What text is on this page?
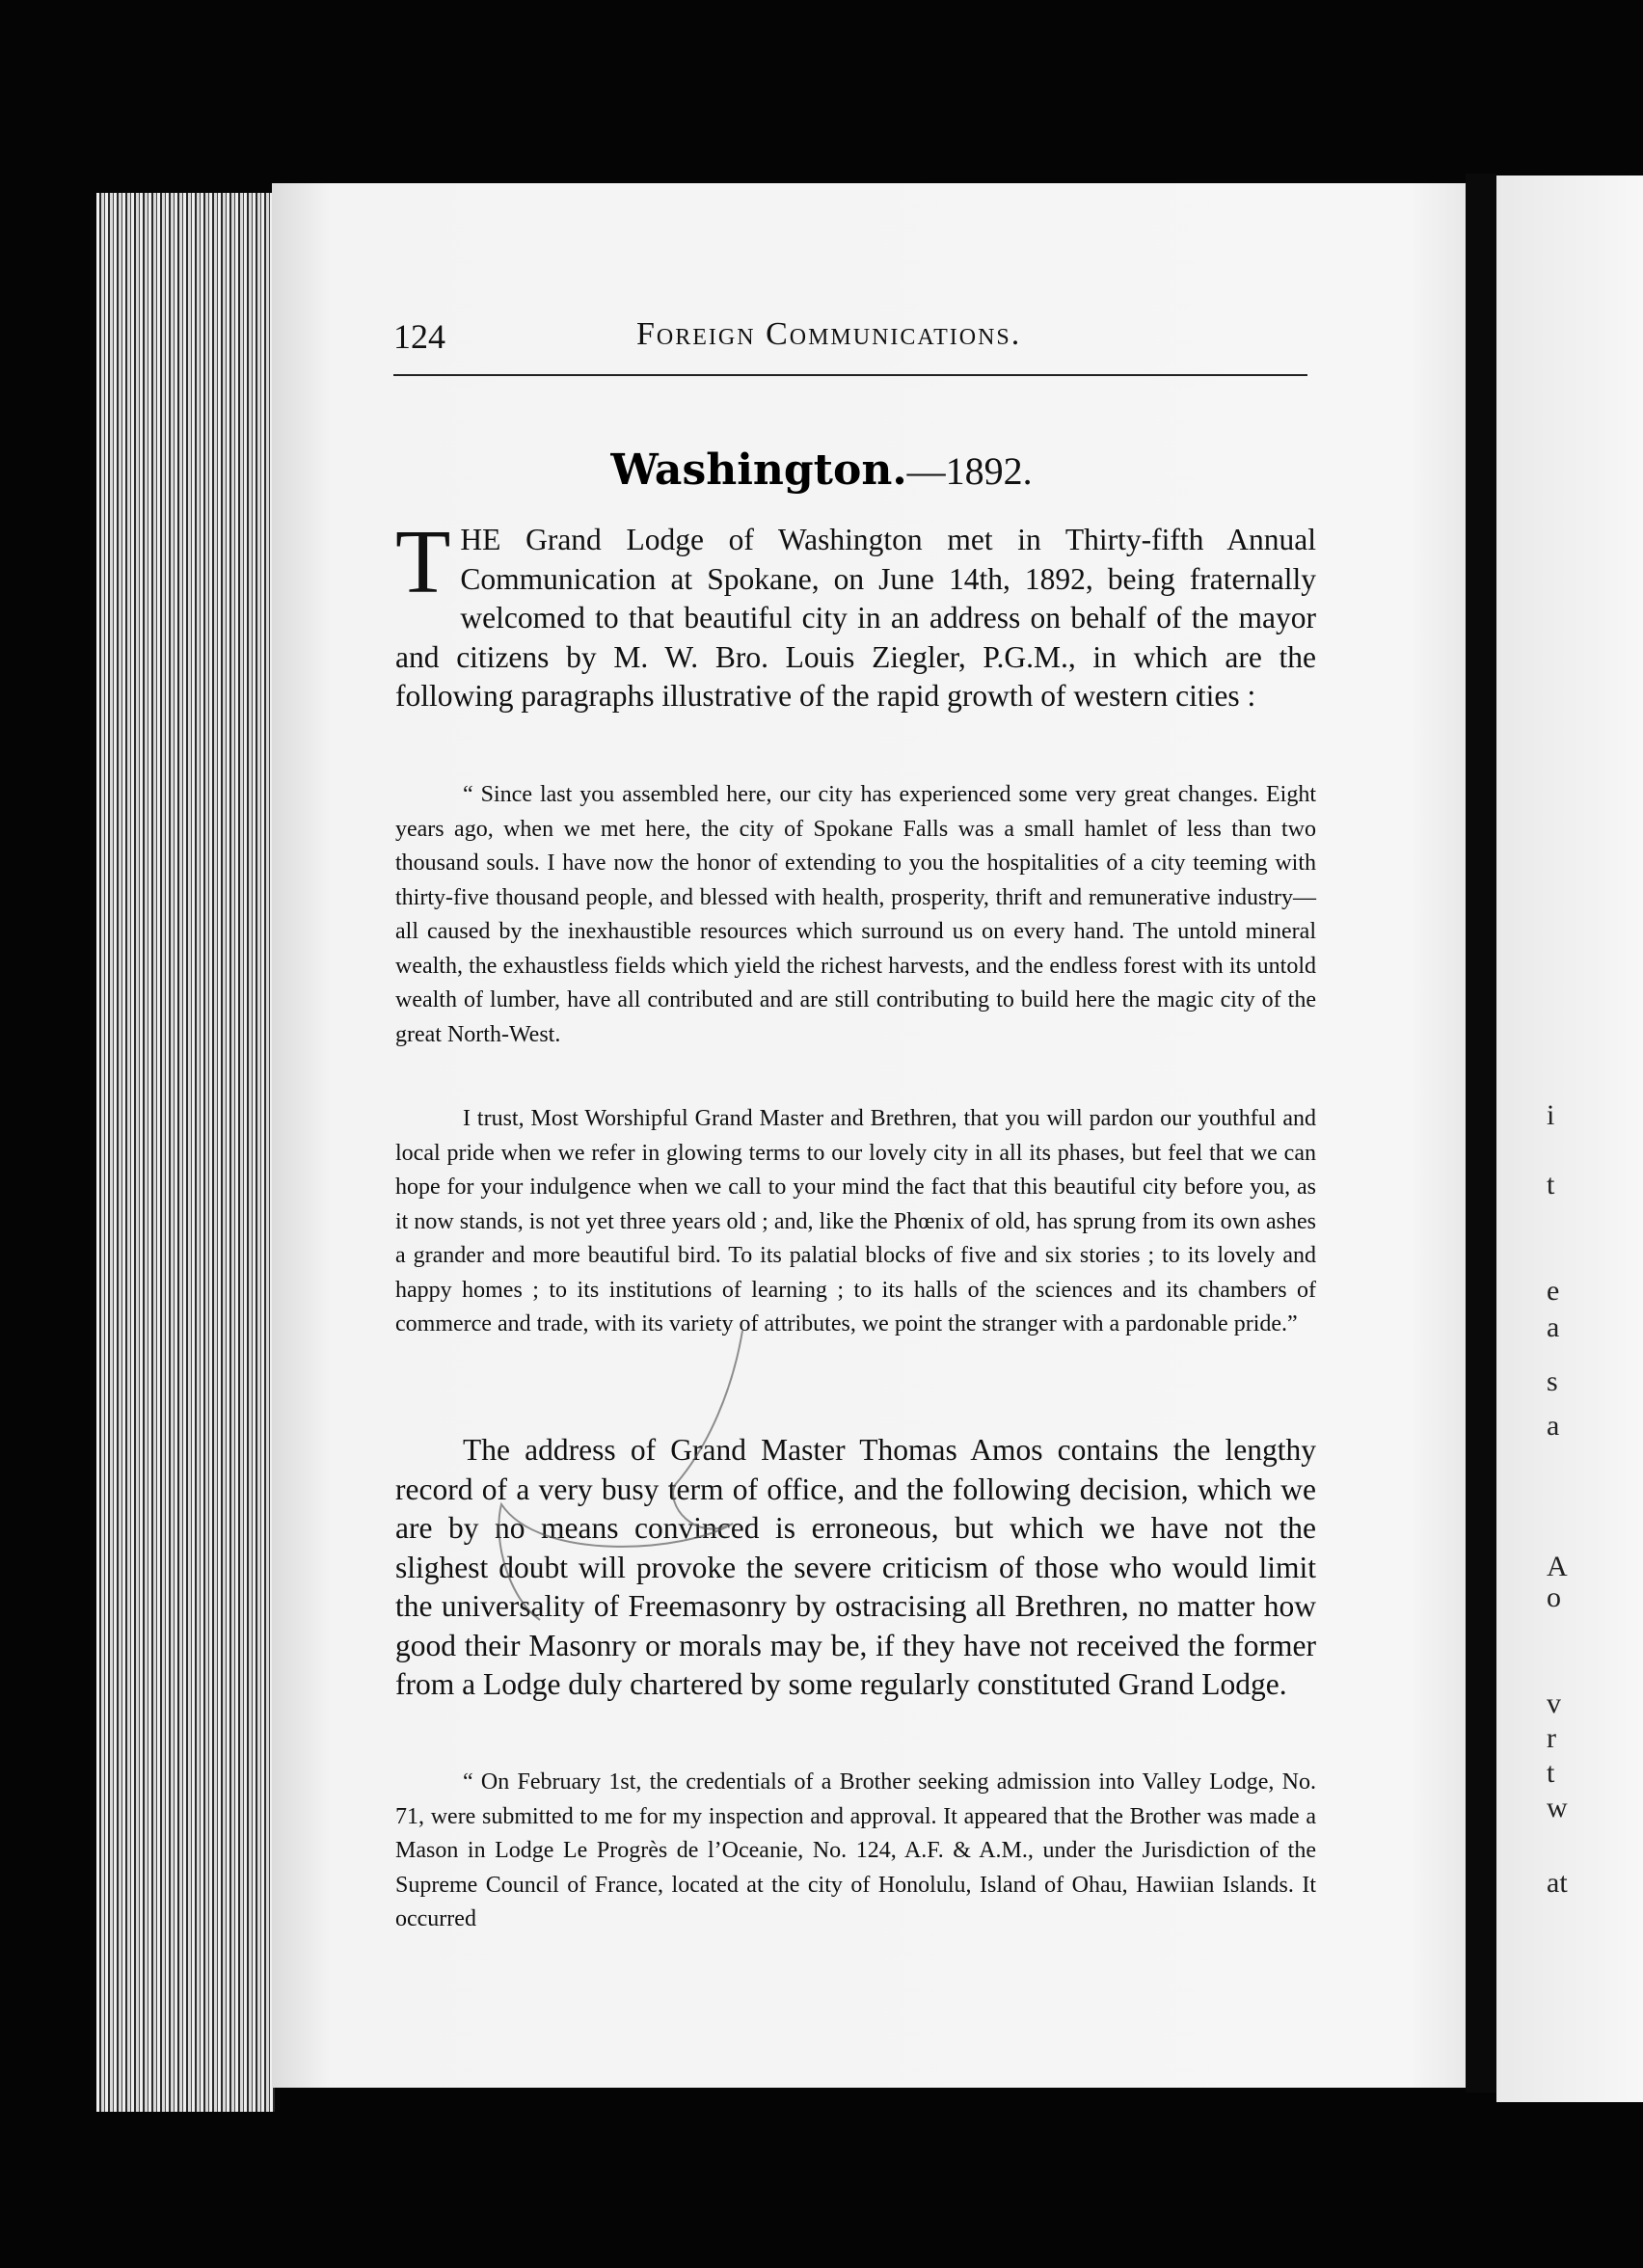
i
t
e
a
s
a
A
o
v
r
t
w
at
124	Foreign Communications.
Washington.—1892.

THE Grand Lodge of Washington met in Thirty-fifth Annual Communication at Spokane, on June 14th, 1892, being fraternally welcomed to that beautiful city in an address on behalf of the mayor and citizens by M. W. Bro. Louis Ziegler, P.G.M., in which are the following paragraphs illustrative of the rapid growth of western cities :

“ Since last you assembled here, our city has experienced some very great changes. Eight years ago, when we met here, the city of Spokane Falls was a small hamlet of less than two thousand souls. I have now the honor of extending to you the hospitalities of a city teeming with thirty-five thousand people, and blessed with health, prosperity, thrift and remunerative industry—all caused by the inexhaustible resources which surround us on every hand. The untold mineral wealth, the exhaustless fields which yield the richest harvests, and the endless forest with its untold wealth of lumber, have all contributed and are still contributing to build here the magic city of the great North-West.

I trust, Most Worshipful Grand Master and Brethren, that you will pardon our youthful and local pride when we refer in glowing terms to our lovely city in all its phases, but feel that we can hope for your indulgence when we call to your mind the fact that this beautiful city before you, as it now stands, is not yet three years old ; and, like the Phœnix of old, has sprung from its own ashes a grander and more beautiful bird. To its palatial blocks of five and six stories ; to its lovely and happy homes ; to its institutions of learning ; to its halls of the sciences and its chambers of commerce and trade, with its variety of attributes, we point the stranger with a pardonable pride.”

The address of Grand Master Thomas Amos contains the lengthy record of a very busy term of office, and the following decision, which we are by no means convinced is erroneous, but which we have not the slighest doubt will provoke the severe criticism of those who would limit the universality of Freemasonry by ostracising all Brethren, no matter how good their Masonry or morals may be, if they have not received the former from a Lodge duly chartered by some regularly constituted Grand Lodge.

“ On February 1st, the credentials of a Brother seeking admission into Valley Lodge, No. 71, were submitted to me for my inspection and approval. It appeared that the Brother was made a Mason in Lodge Le Progrès de l’Oceanie, No. 124, A.F. & A.M., under the Jurisdiction of the Supreme Council of France, located at the city of Honolulu, Island of Ohau, Hawiian Islands. It occurred
